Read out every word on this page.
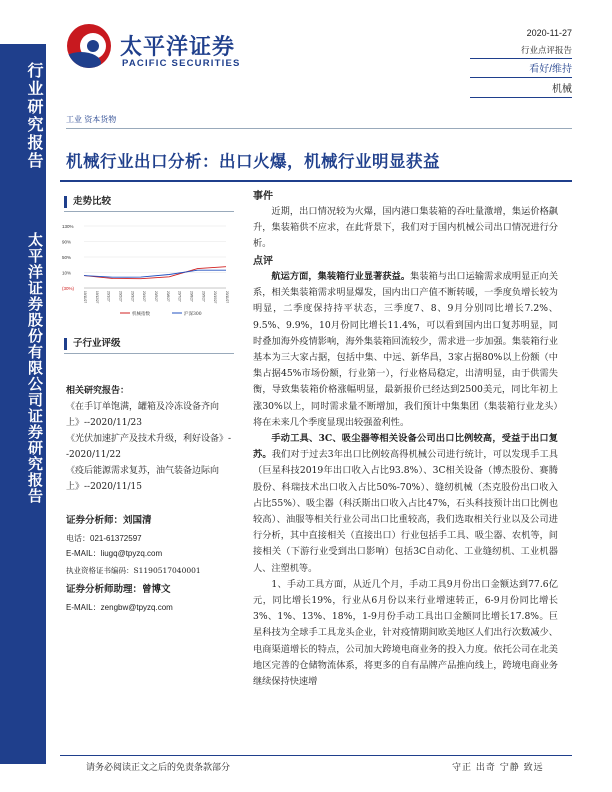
行业研究报告
太平洋证券股份有限公司证券研究报告
太平洋证券
PACIFIC SECURITIES
2020-11-27
行业点评报告
看好/维持
机械
工业 资本货物
机械行业出口分析：出口火爆，机械行业明显获益
走势比较
130%
90%
50%
10%
(30%)
19/11/27 19/12/27 20/1/27 20/2/27 20/3/27 20/4/27 20/5/27 20/6/27 20/7/27 20/8/27 20/9/27 20/10/27 20/11/27
机械指数	沪深300
子行业评级
相关研究报告：
《在手订单饱满，罐箱及冷冻设备齐向上》--2020/11/23
《光伏加速扩产及技术升级，利好设备》--2020/11/22
《疫后能源需求复苏，油气装备边际向上》--2020/11/15
证券分析师：刘国清
电话：021-61372597
E-MAIL：liugq@tpyzq.com
执业资格证书编码：S1190517040001
证券分析师助理：曾博文
E-MAIL：zengbw@tpyzq.com
事件

近期，出口情况较为火爆，国内港口集装箱的吞吐量激增，集运价格飙升，集装箱供不应求，在此背景下，我们对于国内机械公司出口情况进行分析。

点评

航运方面，集装箱行业显著获益。集装箱与出口运输需求成明显正向关系，相关集装箱需求明显爆发，国内出口产值不断转暖，一季度负增长较为明显，二季度保持持平状态，三季度7、8、9月分别同比增长7.2%、9.5%、9.9%，10月份同比增长11.4%，可以看到国内出口复苏明显，同时叠加海外疫情影响，海外集装箱回流较少，需求进一步加强。集装箱行业基本为三大家占据，包括中集、中远、新华昌，3家占据80%以上份额（中集占据45%市场份额，行业第一），行业格局稳定，出清明显，由于供需失衡，导致集装箱价格涨幅明显，最新报价已经达到2500美元，同比年初上涨30%以上，同时需求量不断增加，我们预计中集集团（集装箱行业龙头）将在未来几个季度显现出较强盈利性。

手动工具、3C、吸尘器等相关设备公司出口比例较高，受益于出口复苏。我们对于过去3年出口比例较高得机械公司进行统计，可以发现手工具（巨星科技2019年出口收入占比93.8%）、3C相关设备（博杰股份、赛腾股份、科瑞技术出口收入占比50%-70%）、缝纫机械（杰克股份出口收入占比55%）、吸尘器（科沃斯出口收入占比47%，石头科技预计出口比例也较高）、油服等相关行业公司出口比重较高，我们选取相关行业以及公司进行分析，其中直接相关（直接出口）行业包括手工具、吸尘器、农机等，间接相关（下游行业受到出口影响）包括3C自动化、工业缝纫机、工业机器人、注塑机等。

1、手动工具方面，从近几个月，手动工具9月份出口金额达到77.6亿元，同比增长19%，行业从6月份以来行业增速转正，6-9月份同比增长3%、1%、13%、18%，1-9月份手动工具出口金额同比增长17.8%。巨星科技为全球手工具龙头企业，针对疫情期间欧美地区人们出行次数减少、电商渠道增长的特点，公司加大跨境电商业务的投入力度。依托公司在北美地区完善的仓储物流体系，将更多的自有品牌产品推向线上，跨境电商业务继续保持快速增

请务必阅读正文之后的免责条款部分	守正 出奇 宁静 致远
